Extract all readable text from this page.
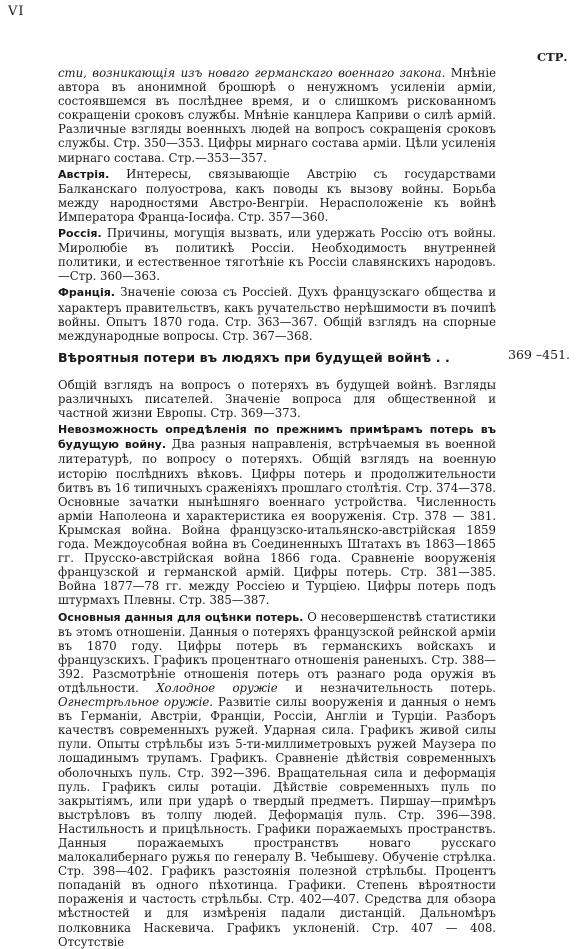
VI
СТР.

сти, возникающія изъ новаго германскаго военнаго закона. Мнѣніе автора въ анонимной брошюрѣ о ненужномъ усиленіи арміи, состоявшемся въ послѣднее время, и о слишкомъ рискованномъ сокращеніи сроковъ службы. Мнѣніе канцлера Каприви о силѣ армій. Различные взгляды военныхъ людей на вопросъ сокращенія сроковъ службы. Стр. 350—353. Цифры мирнаго состава арміи. Цѣли усиленія мирнаго состава. Стр.—353—357.

Австрія. Интересы, связывающіе Австрію съ государствами Балканскаго полуострова, какъ поводы къ вызову войны. Борьба между народностями Австро-Венгріи. Нерасположеніе къ войнѣ Императора Франца-Іосифа. Стр. 357—360.

Россія. Причины, могущія вызвать, или удержать Россію отъ войны. Миролюбіе въ политикѣ Россіи. Необходимость внутренней политики, и естественное тяготѣніе къ Россіи славянскихъ народовъ.—Стр. 360—363.

Франція. Значеніе союза съ Россіей. Духъ французскаго общества и характеръ правительствъ, какъ ручательство нерѣшимости въ почипѣ войны. Опытъ 1870 года. Стр. 363—367. Общій взглядъ на спорные международные вопросы. Стр. 367—368.

Вѣроятныя потери въ людяхъ при будущей войнѣ . .	369 –451.

Общій взглядъ на вопросъ о потеряхъ въ будущей войнѣ. Взгляды различныхъ писателей. Значеніе вопроса для общественной и частной жизни Европы. Стр. 369—373.

Невозможность опредѣленія по прежнимъ примѣрамъ потерь въ будущую войну. Два разныя направленія, встрѣчаемыя въ военной литературѣ, по вопросу о потеряхъ. Общій взглядъ на военную исторію послѣднихъ вѣковъ. Цифры потерь и продолжительности битвъ въ 16 типичныхъ сраженіяхъ прошлаго столѣтія. Стр. 374—378. Основные зачатки нынѣшняго военнаго устройства. Численность арміи Наполеона и характеристика ея вооруженія. Стр. 378 — 381. Крымская война. Война французско-итальянско-австрійская 1859 года. Междоусобная война въ Соединенныхъ Штатахъ въ 1863—1865 гг. Прусско-австрійская война 1866 года. Сравненіе вооруженія французской и германской армій. Цифры потерь. Стр. 381—385. Война 1877—78 гг. между Россіею и Турціею. Цифры потерь подъ штурмахъ Плевны. Стр. 385—387.

Основныя данныя для оцѣнки потерь. О несовершенствѣ статистики въ этомъ отношеніи. Данныя о потеряхъ французской рейнской арміи въ 1870 году. Цифры потерь въ германскихъ войскахъ и французскихъ. Графикъ процентнаго отношенія раненыхъ. Стр. 388—392. Разсмотрѣніе отношенія потерь отъ разнаго рода оружія въ отдѣльности. Холодное оружіе и незначительность потерь. Огнестрѣльное оружіе. Развитіе силы вооруженія и данныя о немъ въ Германіи, Австріи, Франціи, Россіи, Англіи и Турціи. Разборъ качествъ современныхъ ружей. Ударная сила. Графикъ живой силы пули. Опыты стрѣльбы изъ 5-ти-миллиметровыхъ ружей Маузера по лошадинымъ трупамъ. Графикъ. Сравненіе дѣйствія современныхъ оболочныхъ пуль. Стр. 392—396. Вращательная сила и деформація пуль. Графикъ силы ротаціи. Дѣйствіе современныхъ пуль по закрытіямъ, или при ударѣ о твердый предметъ. Пиршау—примѣръ выстрѣловъ въ толпу людей. Деформація пуль. Стр. 396—398. Настильность и прицѣльность. Графики поражаемыхъ пространствъ. Данныя поражаемыхъ пространствъ новаго русскаго малокалибернаго ружья по генералу В. Чебышеву. Обученіе стрѣлка. Стр. 398—402. Графикъ разстоянія полезной стрѣльбы. Процентъ попаданій въ одного пѣхотинца. Графики. Степень вѣроятности пораженія и частость стрѣльбы. Стр. 402—407. Средства для обзора мѣстностей и для измѣренія падали дистанцій. Дальномѣръ полковника Наскевича. Графикъ уклоненій. Стр. 407 — 408. Отсутствіе
